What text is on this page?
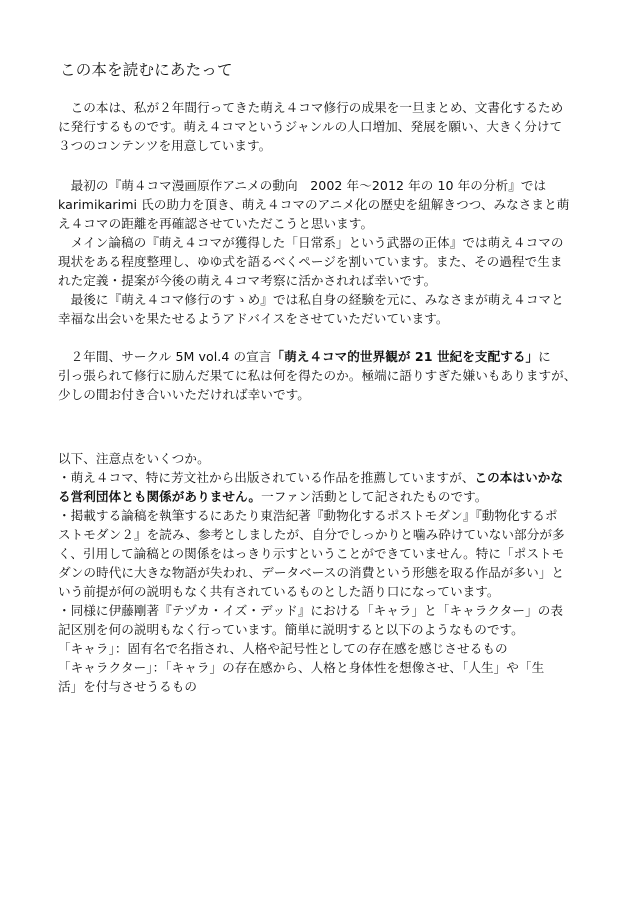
この本を読むにあたって
　この本は、私が２年間行ってきた萌え４コマ修行の成果を一旦まとめ、文書化するため
に発行するものです。萌え４コマというジャンルの人口増加、発展を願い、大きく分けて
３つのコンテンツを用意しています。
　最初の『萌４コマ漫画原作アニメの動向　2002 年〜2012 年の 10 年の分析』では
karimikarimi 氏の助力を頂き、萌え４コマのアニメ化の歴史を紐解きつつ、みなさまと萌
え４コマの距離を再確認させていただこうと思います。
　メイン論稿の『萌え４コマが獲得した「日常系」という武器の正体』では萌え４コマの
現状をある程度整理し、ゆゆ式を語るべくページを割いています。また、その過程で生ま
れた定義・提案が今後の萌え４コマ考察に活かされれば幸いです。
　最後に『萌え４コマ修行のすゝめ』では私自身の経験を元に、みなさまが萌え４コマと
幸福な出会いを果たせるようアドバイスをさせていただいています。
　２年間、サークル 5M vol.4 の宣言「萌え４コマ的世界観が 21 世紀を支配する」に
引っ張られて修行に励んだ果てに私は何を得たのか。極端に語りすぎた嫌いもありますが、
少しの間お付き合いいただければ幸いです。
以下、注意点をいくつか。
・萌え４コマ、特に芳文社から出版されている作品を推薦していますが、この本はいかな
る営利団体とも関係がありません。一ファン活動として記されたものです。
・掲載する論稿を執筆するにあたり東浩紀著『動物化するポストモダン』『動物化するポ
ストモダン２』を読み、参考としましたが、自分でしっかりと噛み砕けていない部分が多
く、引用して論稿との関係をはっきり示すということができていません。特に「ポストモ
ダンの時代に大きな物語が失われ、データベースの消費という形態を取る作品が多い」と
いう前提が何の説明もなく共有されているものとした語り口になっています。
・同様に伊藤剛著『テヅカ・イズ・デッド』における「キャラ」と「キャラクター」の表
記区別を何の説明もなく行っています。簡単に説明すると以下のようなものです。
「キャラ」：固有名で名指され、人格や記号性としての存在感を感じさせるもの
「キャラクター」：「キャラ」の存在感から、人格と身体性を想像させ、「人生」や「生
活」を付与させうるもの
